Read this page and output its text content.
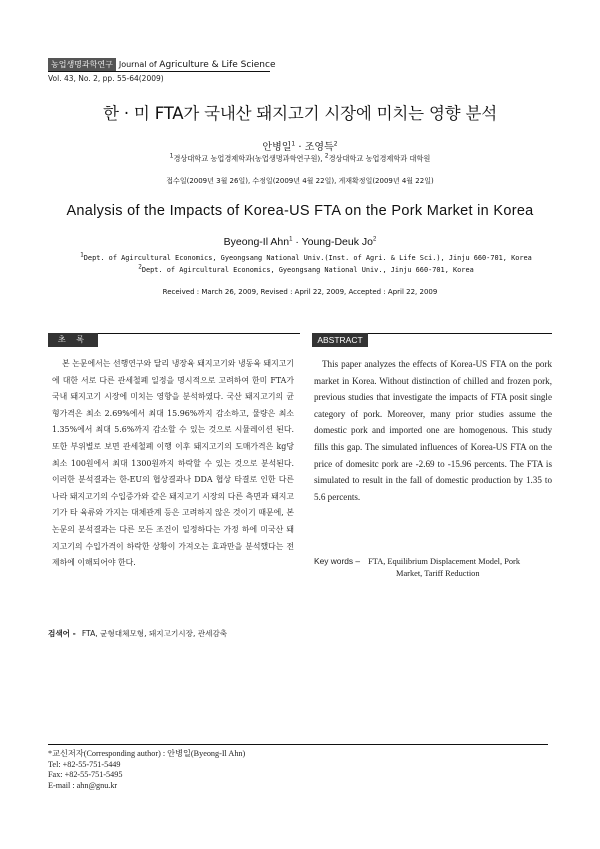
농업생명과학연구 Journal of Agriculture & Life Science
Vol. 43, No. 2, pp. 55-64(2009)
한 · 미 FTA가 국내산 돼지고기 시장에 미치는 영향 분석
안병일$^1$ · 조영득$^2$
$^1$경상대학교 농업경제학과(농업생명과학연구원), $^2$경상대학교 농업경제학과 대학원
접수일(2009년 3월 26일), 수정일(2009년 4월 22일), 게재확정일(2009년 4월 22일)
Analysis of the Impacts of Korea-US FTA on the Pork Market in Korea
Byeong-Il Ahn$^1$ · Young-Deuk Jo$^2$
$^1$Dept. of Agircultural Economics, Gyeongsang National Univ.(Inst. of Agri. & Life Sci.), Jinju 660-701, Korea
$^2$Dept. of Agircultural Economics, Gyeongsang National Univ., Jinju 660-701, Korea
Received : March 26, 2009, Revised : April 22, 2009, Accepted : April 22, 2009
초 록	ABSTRACT
본 논문에서는 선행연구와 달리 냉장육 돼지고기와 냉동육 돼지고기에 대한 서로 다른 관세철폐 일정을 명시적으로 고려하여 한미 FTA가 국내 돼지고기 시장에 미치는 영향을 분석하였다. 국산 돼지고기의 균형가격은 최소 2.69%에서 최대 15.96%까지 감소하고, 물량은 최소 1.35%에서 최대 5.6%까지 감소할 수 있는 것으로 시뮬레이션 된다. 또한 부위별로 보면 관세철폐 이행 이후 돼지고기의 도매가격은 kg당 최소 100원에서 최대 1300원까지 하락할 수 있는 것으로 분석된다. 이러한 분석결과는 한-EU의 협상결과나 DDA 협상 타결로 인한 다른 나라 돼지고기의 수입증가와 같은 돼지고기 시장의 다른 측면과 돼지고기가 타 육류와 가지는 대체관계 등은 고려하지 않은 것이기 때문에, 본 논문의 분석결과는 다른 모든 조건이 일정하다는 가정 하에 미국산 돼지고기의 수입가격이 하락한 상황이 가져오는 효과만을 분석했다는 전제하에 이해되어야 한다.
검색어 - FTA, 균형대체모형, 돼지고기시장, 관세감축
This paper analyzes the effects of Korea-US FTA on the pork market in Korea. Without distinction of chilled and frozen pork, previous studies that investigate the impacts of FTA posit single category of pork. Moreover, many prior studies assume the domestic pork and imported one are homogenous. This study fills this gap. The simulated influences of Korea-US FTA on the price of domesitc pork are -2.69 to -15.96 percents. The FTA is simulated to result in the fall of domestic production by 1.35 to 5.6 percents.
Key words – FTA, Equilibrium Displacement Model, Pork
Market, Tariff Reduction
*교신저자(Corresponding author) : 안병일(Byeong-Il Ahn)
Tel: +82-55-751-5449
Fax: +82-55-751-5495
E-mail : ahn@gnu.kr
